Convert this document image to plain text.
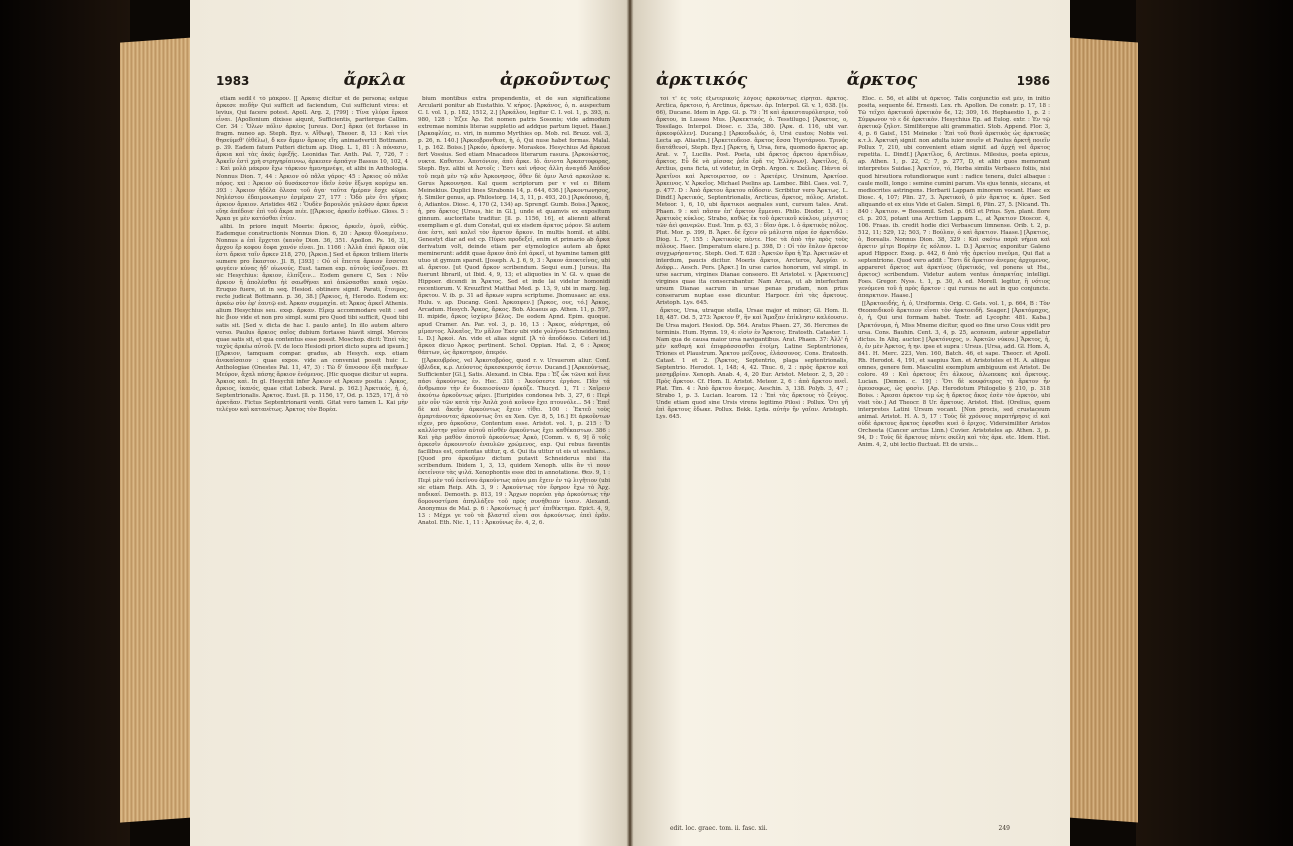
1983	ἄρκλα	ἀρκοῦντως

etiam sedilℓ τὸ μάκρον. [[ Ἀρκαις dicitur et de persona; estque ἀρκεσε πειδὴν Qui sufficit ad faciendum, Cui sufficiunt vires: et levius, Qui facere potest. Apoll. Arg. 2, [799] : Τίνα γλύρα ἔρκεα εἶναι. [Apollonium dixisse aiqunt, Sufficientis, pariterque Callim. Cer. 34 : Ὅλων πόλιν ἀρκέος [ureus. Dor.] ἄρκα (et fortasse in fragm. nuneo ap. Steph. Byz. v. Αἴθωψ), Theoer. 8, 13 : Καὶ τίνι θησεύμεθ' (ἐθέλω), δ κεν ἄμμιν ἄρκιος εἴη; animadvertit Bottmann. p. 39. Eadem fatum Putteri dictum ap. Diog. L. 1, 81 : Ἀ πόνασιν, ἄρκια καὶ τὰς ἀκάς ἐφεξῆς. Leonidas Tar. Anth. Pal. 7, 726, 7 : Ἀρκεῖν ἐστὶ χρὴ στρηγηρίαιννω, ἀρκεσεν ἀρπάγιν Bassus 10, 102, 4 : Καὶ μολὰ μάκρον ἔχω τάρκιον ἡμενημνέψε, et alibi in Anthologia. Nonnus Dion. 7, 44 : Ἀρκιον οὐ πᾶλα γάρος· 45 : Ἀρκιος οὐ πᾶλα πόρος. xxi : Ἀρκιον οὐ δυσάκεστον ἰδεῖν ἐσὺν ἔξωγα κορύχω κα. 393 : Ἀρκιον ἠδέλα ὄλεσα τοῦ ἀγα· ταῦτα ἠμέραν ἔσχε κῶμα. Νηλέστου ἐδαιμονωαγιν ἐσμέραν 27, 177 : Ὅδὸ μὲν ὅτι γῆρας ἀρκιον ἄρκιον. Aristides 462 : Ὅυδὲν βαρουλόε γαλῶσν ἀρκε ἄρκια εὔηε ἀπέδοια· ἐπὶ τοῦ ἄκρα πιέε. [[Ἄρκιος, ἀρκεῖν ἐσθίων. Gloss. 5 : Ἄρκα γε μὲν κατόσθαι ἐτίεν.

alibi. In priore inquit Moeris: ἄρκιος, ἀρκεῖν, ὁμοῦ, εὐθύς. Eademque constructionis Nonnus Dion. 6, 20 : Ἀρκεᾳ θλοαμένειν. Nonnus a ἐπὶ ἔρχεται (κανὸν Dion. 36, 351. Apollon. Ps. 16, 31, ἄρχου ἔρ κοφου ἔοφα χανόν εἶναι. Jπ. 1166 : Ἀλλὰ ἐπεὶ ἄρκεα οὐκ ἐστι ἄρκια ταῖν ἄρκεν 218, 270, [Ἀρκια.] Sed et ἄρκεα triliem literis sumere pro ἔκαστον. Jl. B, [393] : Οὐ οἱ ἔπειτα ἄρκιον ἔσσεται φυγέειν κύνας ἠδ' οἰωνούς. Eust. tamen exp. αὐτοὺς ἰσάζουσι. Et sic Hesychius: ἄρκιον, ἐλπίζειν... Eodem genere C, Sex : Νῦν ἄρκιον ἢ ἀπολέσθαι ἠὲ σαωθῆναι καὶ ἀπώσασθαι κακὰ νηῶν. Eruquo fuere, ut in seq. Hesiod. obtinere signif. Parati, ἔτοιμος, recte judicat Bottmann. p. 36, 38.] [Ἄρκιος, ἡ, Herodo. Eodem ex: ἀρκέω σὺν ἐφ' ἑαυτῷ est. Ἀρκαν συμμαχία. et: Ἄρκος ἀρκεῖ Athenis. alium Hesychius seu. exsp. ἄρκαν. Εἰρεμ accommodare velit : sed hic βιον vide et non pro simpl. sumi pro Quod tibi sufficit, Quod tibi satis sit. [Sed v. dicta de hac I. paulo ante]. In illo autem altero verso. Paulus ἄρκιος σαῖος dubium fortasse hiavit simpl. Merces quae satis sit, et qua contentus esse possit. Moschop. dicit: Ἐπεὶ τὰς ταχὺς ἀρκέω αὐτοῦ. [V. de loco Hesiodi priori dicto supra ad ipsum.] [[Ἄρκιον, tamquam compar. gradus, ab Hesych. exp. etiam ἀνεκαίσαιον : quae expos. vide an conveniat possit huic L. Anthologiae (Onestes Pal. 11, 47, 3) : Τῶ δ' ὕπνοσον ἐξὰ πκεθρων Μεύρον, ἄχαλ πάσης ἄρκιον ἐνόμενος. [Hic quoque dicitur ut supra. Ἀρκιος καὶ. In gl. Hesychii infer Ἀρκιον et Ἀρκιαν posita : Ἀρκος, ἄρκιος, ἱκανός, quae citat Lobeck. Paral. p. 162.] Ἀρκτικός, ἡ, ὁ, Septentrionalis. Ἀρκτος. Eust. [ll. p. 1156, 17, Od. p. 1525, 17], ἄ τὸ ἀρκτᾶαν. Fictus Septentrionarii venti. Gitat vero tamen L. Kai μὴν τελέγον καὶ κατανέτως. Ἀρκτος τὸν Βορέα.

bium montibus extra propendentis, et de sun significatione Arcularii ponitur ab Eustathio. V. κήρος. [Ἀρκάνος, ὁ, n. auspectum C. I. vol. 1, p. 182, 1512, 2.] [Ἀρκάλου, legitur C. I. vol. 1, p. 393, n. 980, 128 : Ἐζεε Ἀρ. Est nomen patris Sosonis; vide admodum extremae nominis literae suppletio ad addque partum liquet. Haae.] [Ἀρκαφλίας, ει. viri, in nummo Myrthies op. Mob. rel. Bruzz. vol. 3, p. 26, n. 140.] [Ἀρκεοβρονθεσε, ἡ, ὁ, Qui nuse habet formas. Malal. 1, p. 162. Boiss.] [Ἀρκόν, ἀρκόνην. Moraskos. Hesychius Ad ἄρκευα fert Vossius. Sed etiam Mnacadeos literarum rasura. [Ἀρκοιώστος, νυκτα. Καθοτεν. Ἀποτόνιον, ἀπὸ ἄρκε. Ιὀ. ἀνιοτα Ἀρκαστοφορας, Steph. Byz. alibi ut Ἀστοῖς : Ἐστι καὶ νῆσος ἄλλη ἀναγάδ Ἀπόδον τοῦ πεμὰ μὲν τῷ κᾶν Ἀρκονησος, ὅθεν δὲ ὁμιν Ἀσιά αρκοιλοσ κ. Gerus Ἀρκουνησα. Kal quem scriptorum per v vel ει Bitem Meinekius. Duplici lines Strabonis 14, p. 644, 636.] [Ἀρκοντωνησος, ἡ. Similer genus, ap. Philostorg. 14, 3, 11, p. 493, 20.] [Ἀρκόπουο, ἡ, ὁ, Adiantos. Diosc. 4, 170 (2, 134) ap. Sprengf. Gumb. Boiss.] Ἄρκος, ἡ, pro ἄρκτος [Ursus, hic in Gl.], unde et quamvis ex expositum ginnum. auctoritate traditur. [ll. p. 1156, 16], et aliennii alferat exempliam e gl. dum Constat, qui ex eisdem ἀρκτος μόρον. Si autem ἀοε ἐστι, καὶ καλεῖ τὸν ἄρκτον ἄρκον. In multis homil. et alibi. Genestyt diar ad est cp. Πύρσι προδεξεί, enim et primario ab ἄρκα derivatum volt, deinde etiam per etymologice autem ab ἄρκε meminerunt: addit quae ἄρκον ἀπὸ ἐπὶ ἀρκεῖ, ut hyamine tamen gitt utuo ut gymum sparsit. [Joseph. A. J. 6, 9, 3 : Ἄρκον ἀποκτείνας, ubi al. ἄρκτον. [ut Quod ἄρκον scribendum. Sequi eum.] [ursus. Ita fuerunt libraril, ut Ibid. 4, 9, 13; et aliquoties in V. Gl. v. quae de Hippoer. dicendi in Ἄρκτος. Sed et inde lai videlur homonidi recentiorum. V. Kreuzfirst Matthai Med. p. 13, 9, ubi in marg. leg. ἄρκτου. V. ib. p. 31 ad ἄρκων supra scriptume. Jhomusaec ar. exs. Hulu. v. ap. Ducang. Gonl. Ἀρκεαφεν.] [Ἄρκος, ους, τό.] Ἀρκος, Arcadum. Hesych. Ἄρκος, ἄρκος. Bob. Alcaeus ap. Athen. 11, p. 597, II. mipide, ἄρκος ἱσχύριν βέλος. De eodem Apnd. Epim. quoque. apud Cramer. An. Par. vol. 3, p. 16, 13 : Ἄρκος, αὐάρτημα, οὐ μίμαντος. Ἀλκαῖος, Ἐν μᾶλον Ἐκεν ubi vide γολήνου Schneidewinu. L. D.] Ἀρκοὶ. An. vide et alias signif. [Ἀ τὸ ἀποδόκου. Ceteri id.] ἄρκεα dicuo Ἀρκος pertinent. Schol. Oppian. Hal. 2, 6 : Ἀρκος θάπτων, ὡς ἄρκοτηρον, ἀπερόν.

[[Ἀρκευβρόος, vel Ἀρκοτοβρόος, quod r. v. Ursuerom aliur. Conf. ὑβλιδεκ, κ.ρ. Λεύουτος ἀρκεσκεροτός ἐστιν. Ducand.] [Ἀρκεούντως, Sufficienter [Gl.], Satis. Alexand. in Cbia. Epa : Ἐζ ὧκ τῶνα καὶ ἕνιε πάσι ἀρκούντως ἐν. Hec. 318 : Ἀκούσεστε ἐργάσε. Πᾶν τά ἄνθρωπον τὴν ἐν δικαιοσύναν ὀρκάζε. Thucyd. 1, 71 : Χαῖρειν ἀκούτω ἀρκοῦντως φέρει. [Euripides condonea Ivb. 3, 27, 6 : Περὶ μὲν οὖν τῶν κατὰ τὴν Ἀπλὰ χοιά κοῦνον ἔχει πτουνόλε... 54 : Ἐπεῖ δὲ καὶ ἄκεῆν ἀρκούντως ἔχειν τίθει. 100 : Ἐκτεῦ τοὺς ἀμαρτάνοντας ἀρκούντως ὅτι ex Xen. Cyr. 8, 5, 16.] Et ἀρκοῦντων εἶχεν, pro ἀρκοῦσιν, Contentum esse. Aristot. vol. 1, p. 215 : Ὅ καλλίστην γαῖαν αὐτοῦ αἰσθέν ἀρκοῦντως ἔχει καθέκαστων. 386 : Καὶ γὰρ μαθὸν ἀποτοῦ ἀρκούντως Ἀρκὸ, [Comm. v. 6, 9] ὅ τοῖς ἀρκεσῖν ἀρκουντοίν ἐναυλῶν χρώμενος, exp. Qui rebus faventis facilibus est, contentas utitur, q. d. Qui ita utitur ut eis ut ssuhlans... [Quod pro ἀρκοῦμεν dictum putavit Schneiderus nisi ita scribendum. Ibidem 1, 3, 13, quidem Xenoph. ullis ἂν τὶ πουν ἐκτείνοιν τὰς ψιλά. Xenophontis esse dixi in annotatione. Θεν. 9, 1 : Περὶ μὲν τοῦ ἐκείνου ἀρκούντως πάνυ μαι ἔχειν ἐν τῷ λιγῆτιον (ubi sic etiam Reip. Ath. 3, 9 : Ἀρκούντως τὸν ἔφηρον ἔχω τὸ Ἀρχ. παδικαί. Demosth. p. 813, 19 : Ἄρχων πορεύαι γὰρ ἀρκούντως τὴν δομονοστίμσα ἀπηλλάξευ τοῦ πρὸς συνήθειαν ἰναιν. Alexand. Anonymus de Mal. p. 6 : Ἀρκούντως ἡ μετ' ἐπιθέκτημα. Epict. 4, 9, 13 : Μέχρι γε τοῦ τὰ βλαστεῖ εἶναι σοι ἀρκούντως. ἑπεὶ ἐρᾶν. Anatol. Eth. Nic. 1, 11 : Ἀρκούνως ἕν. 4, 2, 6.

ἀρκτικός	ἄρκτος	1986

τοὶ τ' ἐς τοῖς ἐξωτερικοῖς λόγοις ἀρκούντως εἴρηται. ἄρκτος. Arctica, ἄρκτοιο, ἡ. Arctinus, ἄρκτων. ἀρ. Interpol. Gl. v. 1, 638. [(s. 66), Ducane. Idem in App. Gl. p. 79 : Ἡ καὶ ἀρκεσταυρόλατρισ, τοῦ ἄρκτου, in Lusseo Mus. [Ἀρκεκτικός, ὁ. Tesstilugo.] [Ἀρκετος, ο, Tossilago. Interpol. Diosc. c. 33a, 380. [Ἀρκ. d. 116, ubi var. ἀρκεοφύλλεν]. Ducang.] [Ἀρκεοδωλός, ὁ, Ursi custos; Nobis vel. Lecta ap. Aliastm.] [Ἀρκετευδεοσ. ἄρκτος ἔσσα Ἡγοτάρνου. Τρινός διατάθευσί, Steph. Byz.] [Ἄρκτη, ἡ, Ursa, fera, quomodo ἄρκτος ap. Arat. v. 7, Lucilis. Post. Poeta, ubi ἄρκτος ἄρκτου ἀρκτιδίων, ἄρκτος. Εὖ δὲ νὰ μίσσας ῥεῖα ἐρᾶ τις Ἑλλήνων]. Ἀρκτίλος, δ, Arctius, gens ficta, ut videtur, in Orph. Argon. v. Σκέλας. Πάντα οἱ Ἀρκτῖνοι καὶ Ἀρκτοιρατοσ, ον : Ἀρκτέρις. Ursinum, Ἀρκτίοσ. Ἀρκεινος. V. Ἀρκεῖος. Michael Pselins ap. Lambec. Bibl. Caes. vol. 7, p. 477. D : Ἀπὸ ἄρκτου ἄρκτου αὖδοσιν. Scribitur vero Ἄρκτως. L. Dindf.] Ἀρκτικός, Septentrionalis, Arcticus, ἄρκτος, πόλος. Aristot. Meteor. 1, 6, 10, ubi ἄρκτικοι aeqnales sunt, cursum tales. Arat. Phaen. 9 : καὶ πᾶσαν ἐπ' ἄρκτον ἔμμεναι. Philo. Diodor. 1, 41 : Ἀρκτικὸς κύκλος. Strabo, καθὼς ἐκ τοῦ ἀρκτικοῦ κύκλου, μέγιστος τῶν ἀεὶ φανερῶν. Eust. Ἱππ. p. 63, 3 : δῖαν ἀρκ. l. ὁ ἀρκτικὸς πόλος. Plut. Mor. p. 399, B. Ἄρκτ. δὲ ἔχειν οὐ μάλιστα πέρα ἐσ ἀρκτιδῶν. Diog. L. 7, 155 : Ἀρκτικοὺς πέντε. Hoc τὰ ἀπὸ τὴν πρὸς τοὺς πόλους. Haec. [Imperatum elare.] p. 398, D : Οἱ τὸν ἔαλον ἄρκτον συγχωρήσαντας. Steph. Oed. T. 628 : Ἀρκτῶν ἔφα ἡ Ἑρ. Ἀρκτικῶν et interdum, paucis dicitur. Moeris ἄρκτοι, Arcteros, Ἀργρίαι ν. Διάφρ... Aesch. Pers. [Ἀρκτ.] In urse carios honorum, vel simpl. in urse sacrum, virgines Dianae conseero. Et Aristotel. v. [Ἀρκτευσις] virgines quae ita consecrabantur. Nam Arcas, ut ab interfectum ursum Dianae sacrum in ursae penas prudam, non prius conserarum nuptae esse dicuntur. Harpocr. ἐπὶ τὰς ἄρκτους. Aristoph. Lys. 645.

ἄρκτος, Ursa, utraque stella, Ursae major et minor; Gl. Hom. Il. 18, 487. Od. 5, 273: Ἄρκτον θ', ἣν καὶ Ἄμαξαν ἐπίκλησιν καλέουσιν. De Ursa majori. Hesiod. Op. 564. Aratus Phaen. 27, 36. Hercmes de terminis. Hum. Hymn. 19, 4: εἰσὶν ἐν Ἄρκτοις. Eratosth. Cataster. 1. Nam qua de causa maior ursa navigantibus. Arat. Phaen. 37: Ἀλλ' ἡ μὲν καθαρή καὶ ἐπιφράσσασθαι ἑτοίμη. Latine Septentriones, Triones et Plaustrum. Ἄρκτου μείζονος, ἐλάσσονος. Cons. Eratosth. Catast. 1 et 2. [Ἄρκτος, Septentrio, plaga septentrionalis, Septentrio. Herodot. 1, 148; 4, 42. Thuc. 6, 2 : πρὸς ἄρκτον καὶ μεσημβρίαν. Xenoph. Anab. 4, 4, 20 Eur. Aristot. Meteor. 2, 5, 20 : Πρὸς ἄρκτον. Cf. Hom. Il. Aristot. Meteor. 2, 6 : ἀπὸ ἄρκτου πνεῖ. Plat. Tim. 4 : Ἀπὸ ἄρκτου ἄνεμος. Aeschin. 3, 138. Polyb. 3, 47 ; Strabo 1, p. 3. Lucian. Icarom. 12 : Ἐπὶ τὰς ἄρκτους τὸ ζεύγος. Unde etiam quod sine Ursis virens legitimo Pilosi : Pollux. Ὅτι γῆ ἐπὶ ἄρκτους ἔδωκε. Pollux. Bekk. Lyda. αὐτὴν ἣν γαῖαν. Aristoph. Lys. 645.

Eloc. c. 56, et alibi ut ἄρκτος. Talis conjunctio est μέν, in initio posita, sequente δέ. Ernesti. Lex. rh. Apollon. De constr. p. 17, 18 : Τῶ τεῖχει ἀρκτικοῦ ἀρκτικὸν δε, 12; 309, 16. Hephaestio 1, p. 2 : Σύμφωνον τὸ ε δὲ ἀρκτικὸν. Hesychius Ep. ad Eulog. extr. : Ἐν τῷ ἀρκτικῷ ζηλοτ. Similiterque alii grammatici. Stob. Append. Flor. 3, 4, p. 6 Gaisf., 151 Meineke : Ἐπὶ τοῦ θεοῦ ἀρκτικὸς ὡς ἀρκτικῶς κ.τ.λ. Ἀρκτικὴ signif. non adulta iuior ποιεῖν et Paulus ἀρκτῆ ποιεῖν Pollux 7, 210, ubi convenient etiam signif. ad ἀρχή vel ἄρκτος repetita. L. Dindf.] [Ἀρκτίλος, δ, Arctinus. Milesius, poeta epicus, ap. Athen. 1, p. 22, C; 7, p. 277, D, et alibi quos memorant interpretes Suidae.] Ἀρκτίον, τό, Herba similis Verbasco foliis, nisi quod hirsutiora rotundioraque sunt : radice tenera, dulci albaque : caule molli, longo : semine cumini parum. Vis ejus tennis, siccans, et mediocrites astringens. Herbarii Lappam minorem vocant. Haec ex Diosc. 4, 107; Plin. 27, 3. Ἀρκτικοῦ, ὁ μὲν ἄρκτος κ. ἀρκτ. Sed aliquando et ex eius Vide et Galen. Simpl. 6, Plin. 27, 5. [Nicand. Th. 840 : Ἀρκτιον. = Bossomil. Schol. p. 663 et Prius. Syn. plant. flore cl. p. 203, potant una Arctium Lappam L., at Ἄρκτιον Dioscor. 4, 106. Fraas. ib. credit hodie dici Verbascum limnense. Orib. t. 2, p. 512, 11; 529, 12; 503, 7 : Βούλαν, ὁ καὶ ἄρκτιον. Haase.] [Ἀρκτιος, ὁ, Borealis. Nonnus Dion. 38, 329 : Καὶ σκότω παρὰ νήμια καὶ ἄρκτιν μίτρι Βορέην ἐς κόλπον. L. D.] Ἀρκτιος exponitur Galeno apud Hippocr. Exeg. p. 442, 6 ἀπὸ τῆς ἀρκτίου πνεῦμα, Qui flat a septentrione. Quod vero addit : Ἔστι δὲ ἄρκτιον ἀνεμας ἀρχομενος, appareret ἄρκτος aut ἀρκτίνος (ἄρκτικός, vel ponens ut Hsi., ἄρκτος) scribendum. Videtur autem ventus ἀπαρκτίας intelligi. Foes. Gregor. Nyss. t. 1, p. 30, A ed. Morell. legitur, ἣ νότιος γενόμενα τοῦ ἠ πρὸς ἄρκτον : qui rursus ne aut in quo conjuncte. ἀπαρκτιον. Haase.]

[[Ἀρκτοειδής, ἡ, ὁ, Ursiformis. Orig. C. Gels. vol. 1, p. 664, B : Τὸν Θεοπαιδικοῦ ἄρκτειον εἶναι τὸν ἀρκτοειδῆ. Seager.] [Ἀρκτόμαχος, ὁ, ἡ, Qui ursi formam habet. Tostr. ad Lycophr. 481. Kaba.] [Ἀρκτόνυμα, ἡ, Miss Mneme dicitur, quod eo fine urso Cous vidit pro ursa. Cons. Bauhin. Cent. 3, 4, p. 25, aconsum, auteur appellatur dictus. In Aliq. auctor.] [Ἀρκτόνυχος, ν. Ἀρκτῶν νύκου.] Ἄρκτος, ἡ, ὁ, ἐν μὲν Ἀρκτος, ἡ ην. ipse et supra : Ursus. [Ursa, add. Gl. Hom. A, 841. H. Merc. 223, Ven. 160, Batch. 46, et sape. Theocr. et Apoll. Rh. Herodot. 4, 191, et saepius Xen. et Aristoteles et H. A. aliique omnes, genere fem. Masculini exemplum ambiguum est Aristot. De colore. 49 : Καὶ ἀρκτους ἔτι ἀλκους, ἀλωπεκας καὶ ἄρκτους. Lucian. [Demon. c. 19] : Ὅτι δὲ κουφότερος τὰ ἄρκτον ἦν ἀρεοσοφως, ὡς φασὶν. [Ap. Herodotum Philogelio § 210, p. 318 Boiss. : Ἀρεσαι ἀρκτον τιμ ὡς ἡ ἄρκτος ἄκος ἐσὲν τὸν ἀρκτὸν, ubi visit τὸν.] Ad Theocr. 8 Ur. ἄρκτους. Aristot. Hist. (Orelius, quem interpretes Latini Ursum vocant. [Non procis, sed crustaceum animal. Aristot. H. A. 5, 17 : Τοὺς δὲ χρόνους παρατήρησις εἶ καὶ οὐδὲ ἀρκτους ἄρκτος ἐφεσθαι κυεὶ ὁ ἔριχος. Vidersimiliter Aristos Orcheeta (Cancer arctus Linn.) Cuvier. Aristoteles ap. Athen. 3, p. 94, D : Τοὺς δὲ ἄρκτους πέντε σκέλη καὶ τὰς ἀρκ. etc. Idem. Hist. Anim. 4, 2, ubi lectio fluctuat. Et de ursis...

edit. loc. graec. tom. ii. fasc. xii.	249
